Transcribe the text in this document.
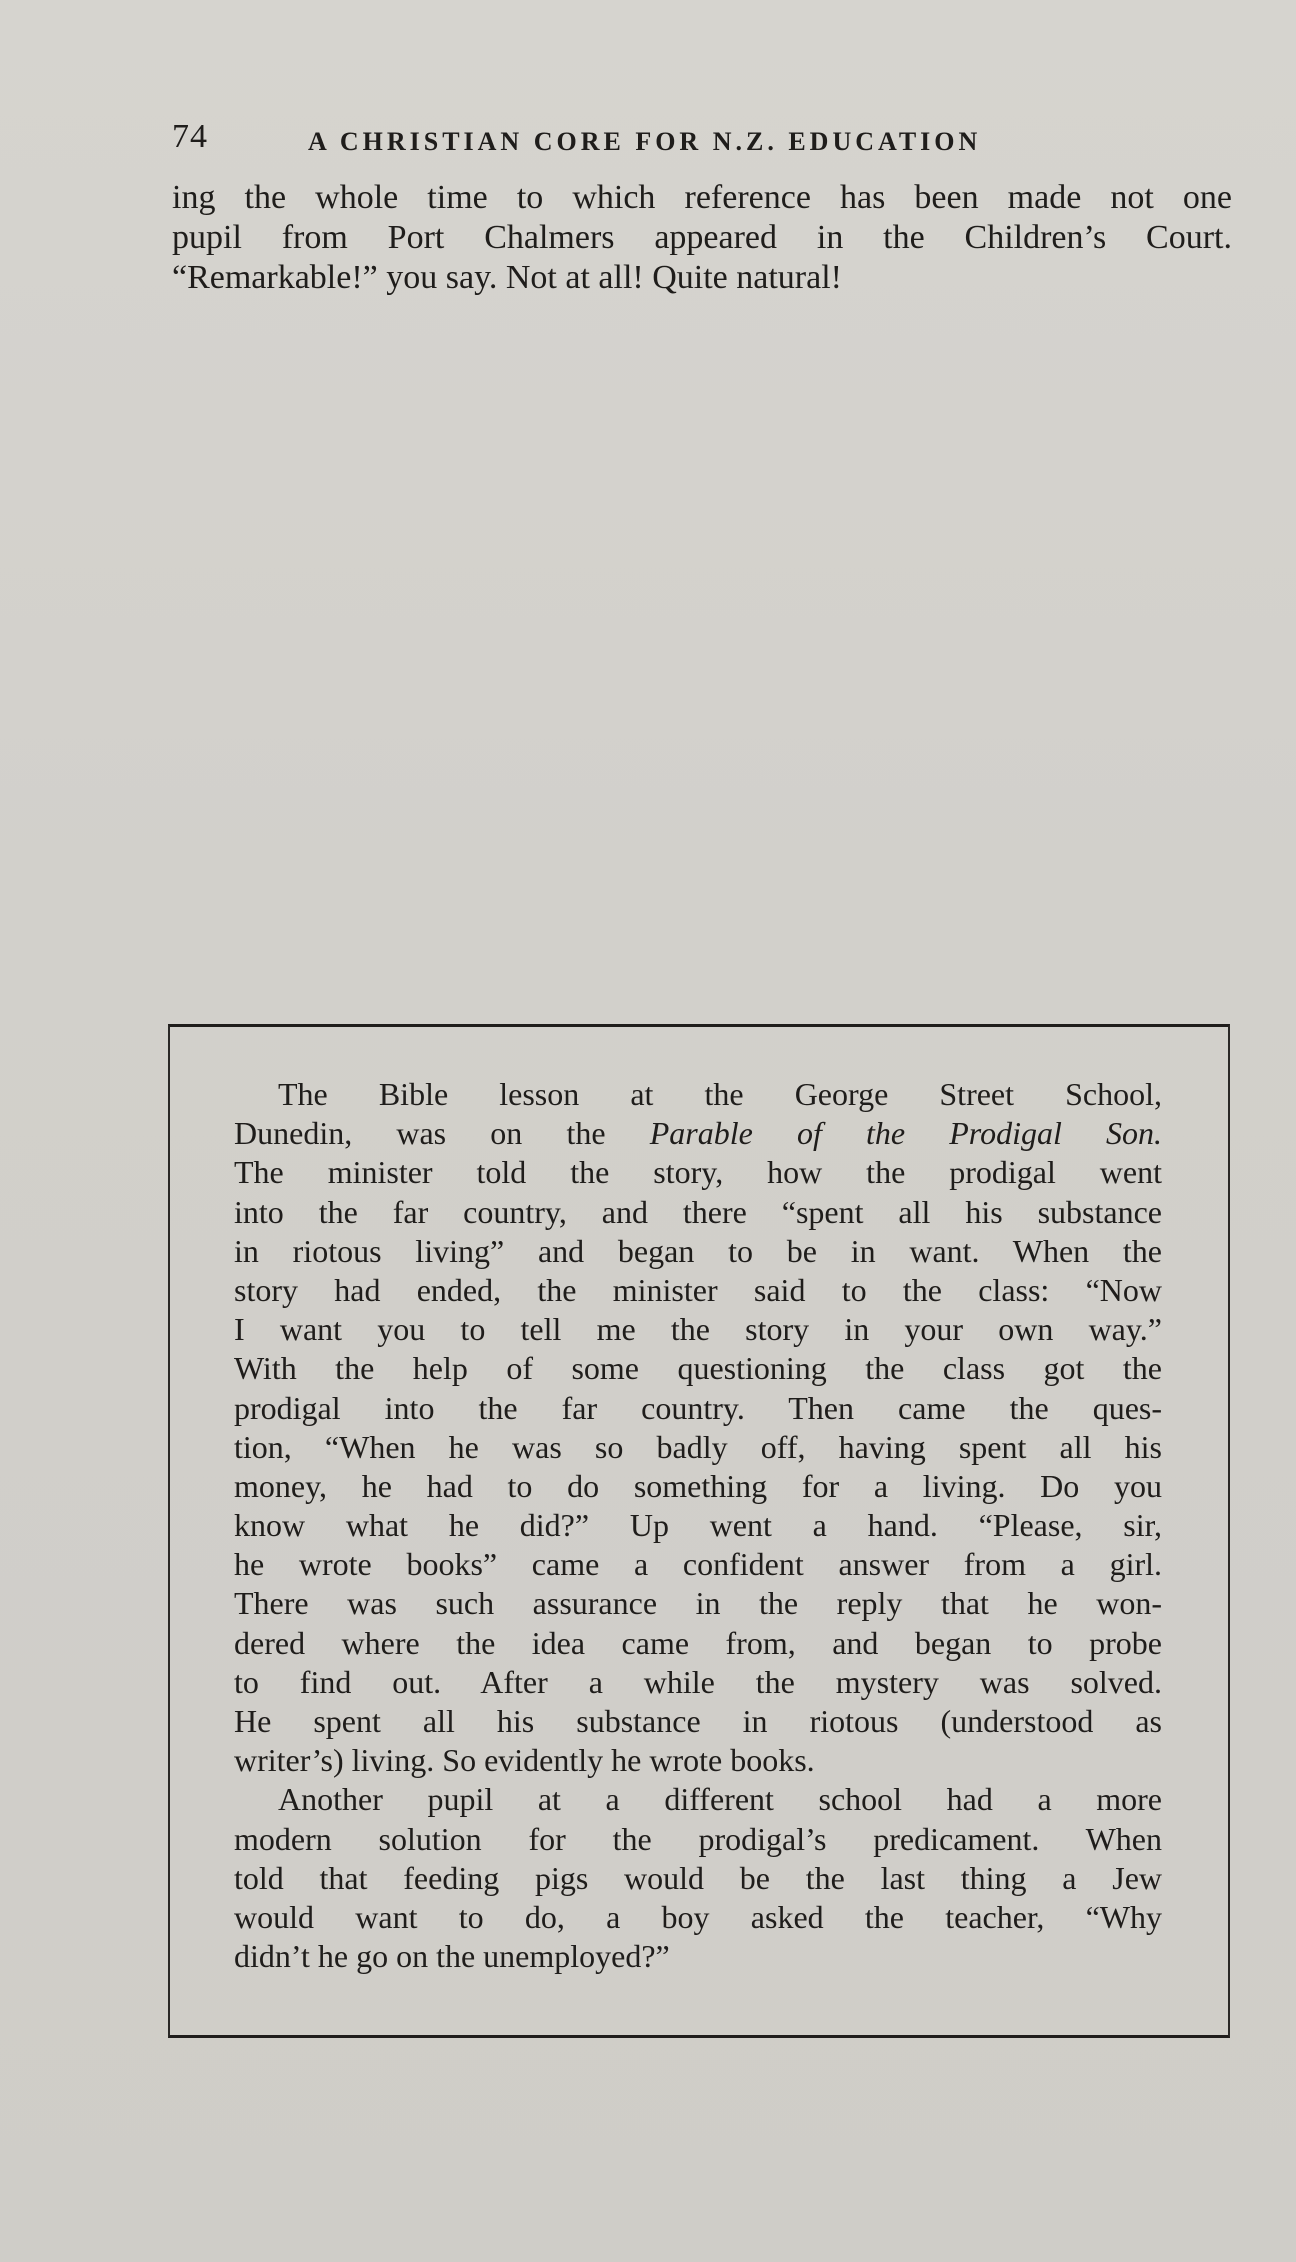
74	A CHRISTIAN CORE FOR N.Z. EDUCATION

ing the whole time to which reference has been made not one
pupil from Port Chalmers appeared in the Children’s Court.
“Remarkable!” you say. Not at all! Quite natural!

The Bible lesson at the George Street School,
Dunedin, was on the Parable of the Prodigal Son.
The minister told the story, how the prodigal went
into the far country, and there “spent all his substance
in riotous living” and began to be in want. When the
story had ended, the minister said to the class: “Now
I want you to tell me the story in your own way.”
With the help of some questioning the class got the
prodigal into the far country. Then came the ques-
tion, “When he was so badly off, having spent all his
money, he had to do something for a living. Do you
know what he did?” Up went a hand. “Please, sir,
he wrote books” came a confident answer from a girl.
There was such assurance in the reply that he won-
dered where the idea came from, and began to probe
to find out. After a while the mystery was solved.
He spent all his substance in riotous (understood as
writer’s) living. So evidently he wrote books.
Another pupil at a different school had a more
modern solution for the prodigal’s predicament. When
told that feeding pigs would be the last thing a Jew
would want to do, a boy asked the teacher, “Why
didn’t he go on the unemployed?”
